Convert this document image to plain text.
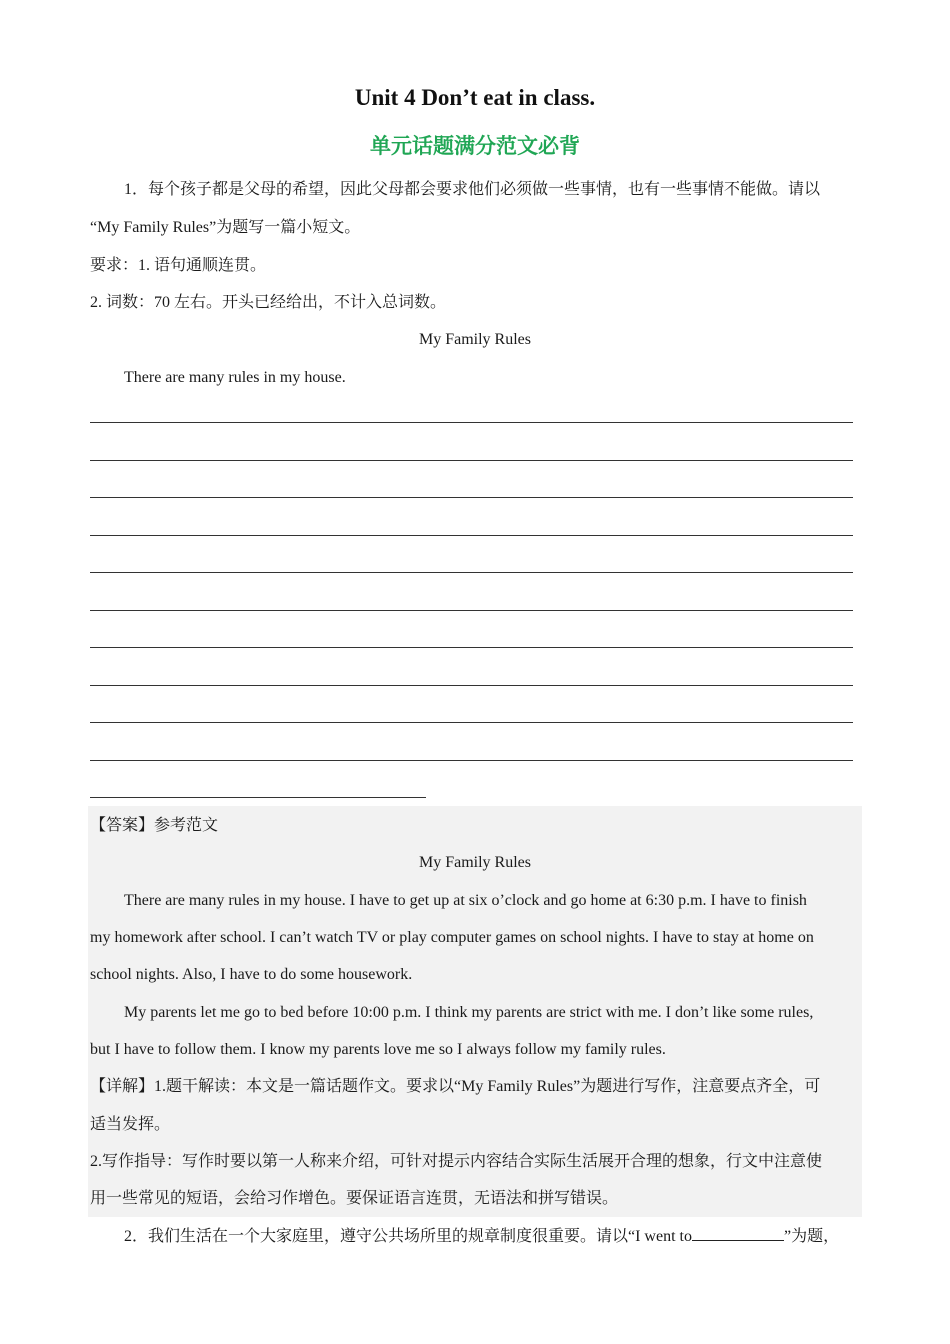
Unit 4 Don’t eat in class.
单元话题满分范文必背
1．每个孩子都是父母的希望，因此父母都会要求他们必须做一些事情，也有一些事情不能做。请以
“My Family Rules”为题写一篇小短文。
要求：1. 语句通顺连贯。
2. 词数：70 左右。开头已经给出，不计入总词数。
My Family Rules
There are many rules in my house.
【答案】参考范文
My Family Rules
There are many rules in my house. I have to get up at six o’clock and go home at 6:30 p.m. I have to finish
my homework after school. I can’t watch TV or play computer games on school nights. I have to stay at home on
school nights. Also, I have to do some housework.
My parents let me go to bed before 10:00 p.m. I think my parents are strict with me. I don’t like some rules,
but I have to follow them. I know my parents love me so I always follow my family rules.
【详解】1.题干解读：本文是一篇话题作文。要求以“My Family Rules”为题进行写作，注意要点齐全，可
适当发挥。
2.写作指导：写作时要以第一人称来介绍，可针对提示内容结合实际生活展开合理的想象，行文中注意使
用一些常见的短语，会给习作增色。要保证语言连贯，无语法和拼写错误。
2．我们生活在一个大家庭里，遵守公共场所里的规章制度很重要。请以“I went to	”为题，
